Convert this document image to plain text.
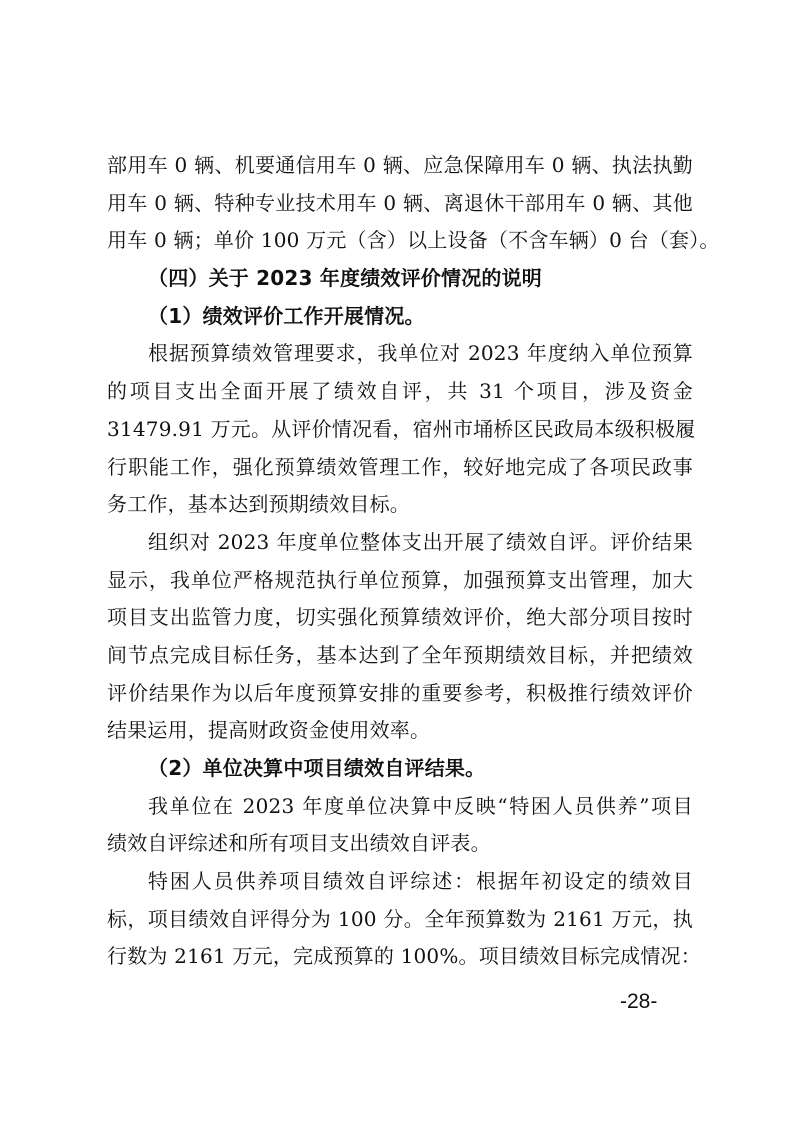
部用车 0 辆、机要通信用车 0 辆、应急保障用车 0 辆、执法执勤
用车 0 辆、特种专业技术用车 0 辆、离退休干部用车 0 辆、其他
用车 0 辆；单价 100 万元（含）以上设备（不含车辆）0 台（套）。
（四）关于 2023 年度绩效评价情况的说明
（1）绩效评价工作开展情况。
根据预算绩效管理要求，我单位对 2023 年度纳入单位预算
的项目支出全面开展了绩效自评，共 31 个项目，涉及资金
31479.91 万元。从评价情况看，宿州市埇桥区民政局本级积极履
行职能工作，强化预算绩效管理工作，较好地完成了各项民政事
务工作，基本达到预期绩效目标。
组织对 2023 年度单位整体支出开展了绩效自评。评价结果
显示，我单位严格规范执行单位预算，加强预算支出管理，加大
项目支出监管力度，切实强化预算绩效评价，绝大部分项目按时
间节点完成目标任务，基本达到了全年预期绩效目标，并把绩效
评价结果作为以后年度预算安排的重要参考，积极推行绩效评价
结果运用，提高财政资金使用效率。
（2）单位决算中项目绩效自评结果。
我单位在 2023 年度单位决算中反映“特困人员供养”项目
绩效自评综述和所有项目支出绩效自评表。
特困人员供养项目绩效自评综述：根据年初设定的绩效目
标，项目绩效自评得分为 100 分。全年预算数为 2161 万元，执
行数为 2161 万元，完成预算的 100%。项目绩效目标完成情况：
-28-
